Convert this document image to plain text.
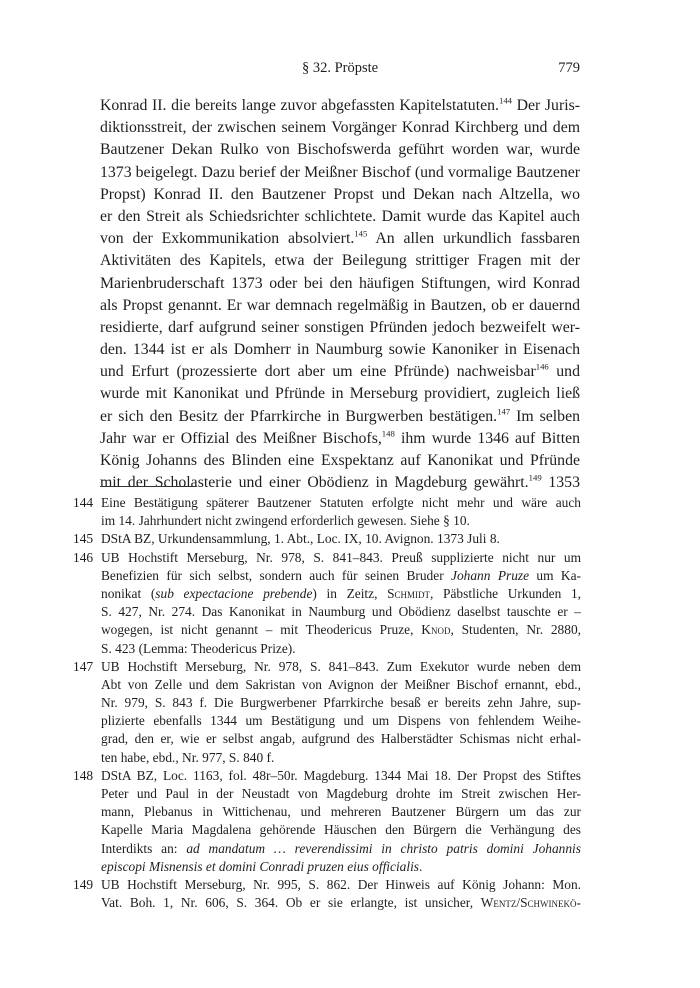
§ 32. Pröpste	779
Konrad II. die bereits lange zuvor abgefassten Kapitelstatuten.$^{144}$ Der Juris-
diktionsstreit, der zwischen seinem Vorgänger Konrad Kirchberg und dem
Bautzener Dekan Rulko von Bischofswerda geführt worden war, wurde
1373 beigelegt. Dazu berief der Meißner Bischof (und vormalige Bautzener
Propst) Konrad II. den Bautzener Propst und Dekan nach Altzella, wo
er den Streit als Schiedsrichter schlichtete. Damit wurde das Kapitel auch
von der Exkommunikation absolviert.$^{145}$ An allen urkundlich fassbaren
Aktivitäten des Kapitels, etwa der Beilegung strittiger Fragen mit der
Marienbruderschaft 1373 oder bei den häufigen Stiftungen, wird Konrad
als Propst genannt. Er war demnach regelmäßig in Bautzen, ob er dauernd
residierte, darf aufgrund seiner sonstigen Pfründen jedoch bezweifelt wer-
den. 1344 ist er als Domherr in Naumburg sowie Kanoniker in Eisenach
und Erfurt (prozessierte dort aber um eine Pfründe) nachweisbar$^{146}$ und
wurde mit Kanonikat und Pfründe in Merseburg providiert, zugleich ließ
er sich den Besitz der Pfarrkirche in Burgwerben bestätigen.$^{147}$ Im selben
Jahr war er Offizial des Meißner Bischofs,$^{148}$ ihm wurde 1346 auf Bitten
König Johanns des Blinden eine Exspektanz auf Kanonikat und Pfründe
mit der Scholasterie und einer Obödienz in Magdeburg gewährt.$^{149}$ 1353
144 Eine Bestätigung späterer Bautzener Statuten erfolgte nicht mehr und wäre auch
im 14. Jahrhundert nicht zwingend erforderlich gewesen. Siehe § 10.
145 DStA BZ, Urkundensammlung, 1. Abt., Loc. IX, 10. Avignon. 1373 Juli 8.
146 UB Hochstift Merseburg, Nr. 978, S. 841–843. Preuß supplizierte nicht nur um
Benefizien für sich selbst, sondern auch für seinen Bruder Johann Pruze um Ka-
nonikat (sub expectacione prebende) in Zeitz, Schmidt, Päbstliche Urkunden 1,
S. 427, Nr. 274. Das Kanonikat in Naumburg und Obödienz daselbst tauschte er –
wogegen, ist nicht genannt – mit Theodericus Pruze, Knod, Studenten, Nr. 2880,
S. 423 (Lemma: Theodericus Prize).
147 UB Hochstift Merseburg, Nr. 978, S. 841–843. Zum Exekutor wurde neben dem
Abt von Zelle und dem Sakristan von Avignon der Meißner Bischof ernannt, ebd.,
Nr. 979, S. 843 f. Die Burgwerbener Pfarrkirche besaß er bereits zehn Jahre, sup-
plizierte ebenfalls 1344 um Bestätigung und um Dispens von fehlendem Weihe-
grad, den er, wie er selbst angab, aufgrund des Halberstädter Schismas nicht erhal-
ten habe, ebd., Nr. 977, S. 840 f.
148 DStA BZ, Loc. 1163, fol. 48r–50r. Magdeburg. 1344 Mai 18. Der Propst des Stiftes
Peter und Paul in der Neustadt von Magdeburg drohte im Streit zwischen Her-
mann, Plebanus in Wittichenau, und mehreren Bautzener Bürgern um das zur
Kapelle Maria Magdalena gehörende Häuschen den Bürgern die Verhängung des
Interdikts an: ad mandatum … reverendissimi in christo patris domini Johannis
episcopi Misnensis et domini Conradi pruzen eius officialis.
149 UB Hochstift Merseburg, Nr. 995, S. 862. Der Hinweis auf König Johann: Mon.
Vat. Boh. 1, Nr. 606, S. 364. Ob er sie erlangte, ist unsicher, Wentz/Schwinekö-
